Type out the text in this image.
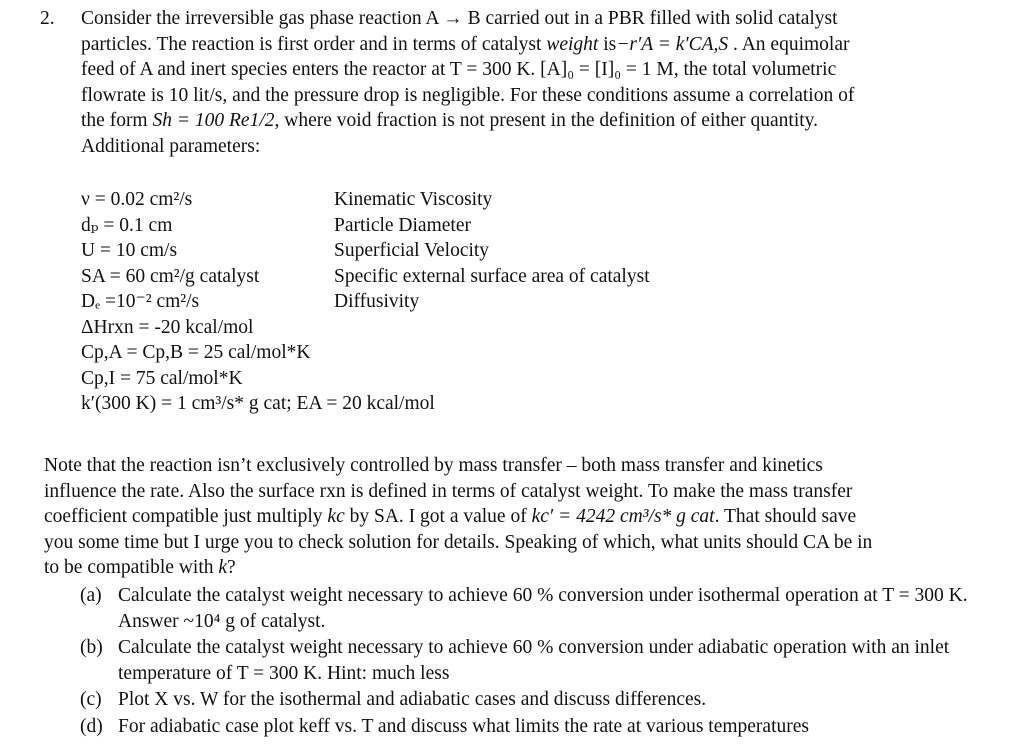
2. Consider the irreversible gas phase reaction A → B carried out in a PBR filled with solid catalyst
particles. The reaction is first order and in terms of catalyst weight is−r′A = k′CA,S . An equimolar
feed of A and inert species enters the reactor at T = 300 K. [A]₀ = [I]₀ = 1 M, the total volumetric
flowrate is 10 lit/s, and the pressure drop is negligible. For these conditions assume a correlation of
the form Sh = 100 Re1/2, where void fraction is not present in the definition of either quantity.
Additional parameters:
ν = 0.02 cm²/s	Kinematic Viscosity
dₚ = 0.1 cm	Particle Diameter
U = 10 cm/s	Superficial Velocity
SA = 60 cm²/g catalyst	Specific external surface area of catalyst
Dₑ =10⁻² cm²/s	Diffusivity
ΔHrxn = -20 kcal/mol
Cp,A = Cp,B = 25 cal/mol*K
Cp,I = 75 cal/mol*K
k′(300 K) = 1 cm³/s* g cat; EA = 20 kcal/mol
Note that the reaction isn’t exclusively controlled by mass transfer – both mass transfer and kinetics
influence the rate. Also the surface rxn is defined in terms of catalyst weight. To make the mass transfer
coefficient compatible just multiply kc by SA. I got a value of kc′ = 4242 cm³/s* g cat. That should save
you some time but I urge you to check solution for details. Speaking of which, what units should CA be in
to be compatible with k?
(a) Calculate the catalyst weight necessary to achieve 60 % conversion under isothermal operation at T = 300 K. Answer ~10⁴ g of catalyst.
(b) Calculate the catalyst weight necessary to achieve 60 % conversion under adiabatic operation with an inlet temperature of T = 300 K. Hint: much less
(c) Plot X vs. W for the isothermal and adiabatic cases and discuss differences.
(d) For adiabatic case plot keff vs. T and discuss what limits the rate at various temperatures
